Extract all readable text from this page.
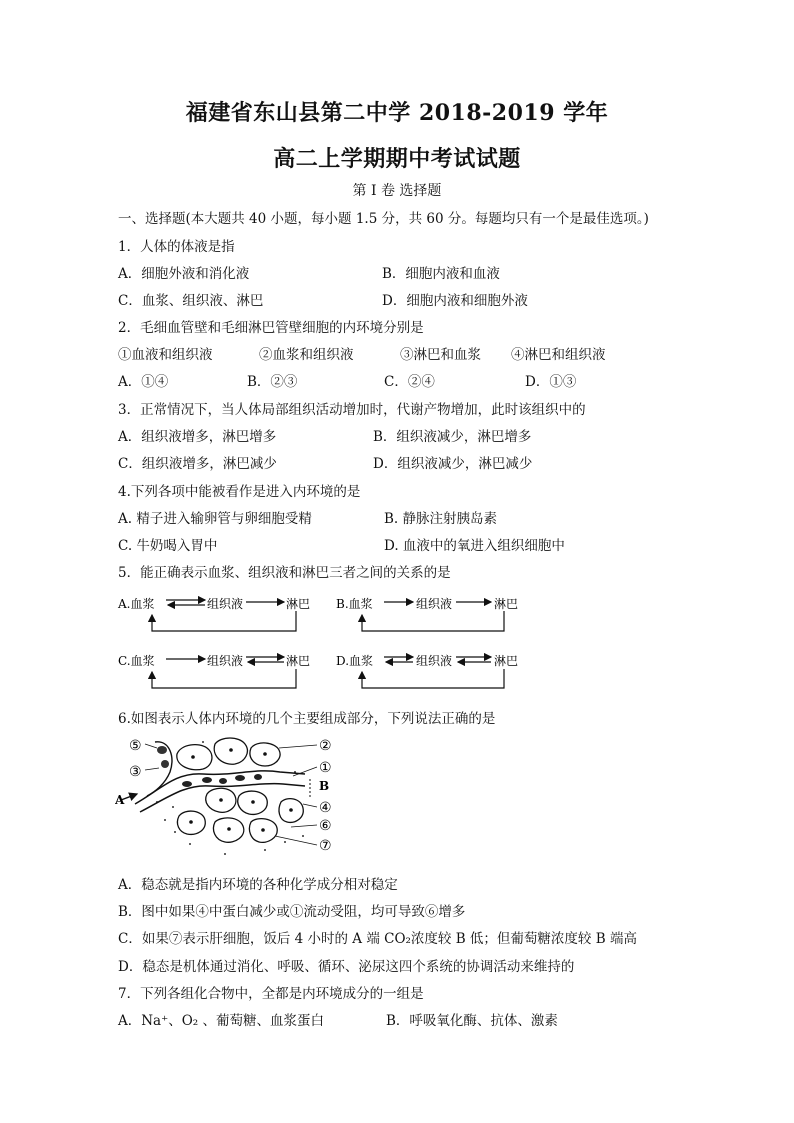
福建省东山县第二中学 2018-2019 学年
高二上学期期中考试试题
第 I 卷 选择题
一、选择题(本大题共 40 小题，每小题 1.5 分，共 60 分。每题均只有一个是最佳选项。)
1．人体的体液是指
A．细胞外液和消化液	B．细胞内液和血液
C．血浆、组织液、淋巴	D．细胞内液和细胞外液
2．毛细血管壁和毛细淋巴管壁细胞的内环境分别是
①血液和组织液	②血浆和组织液	③淋巴和血浆 ④淋巴和组织液
A．①④	B．②③	C．②④	D．①③
3．正常情况下，当人体局部组织活动增加时，代谢产物增加，此时该组织中的
A．组织液增多，淋巴增多	B．组织液减少，淋巴增多
C．组织液增多，淋巴减少	D．组织液减少，淋巴减少
4.下列各项中能被看作是进入内环境的是
A. 精子进入输卵管与卵细胞受精	B. 静脉注射胰岛素
C. 牛奶喝入胃中	D. 血液中的氧进入组织细胞中
5．能正确表示血浆、组织液和淋巴三者之间的关系的是
A.血浆	组织液	淋巴 B.血浆	组织液	淋巴
C.血浆	组织液	淋巴 D.血浆	组织液	淋巴
6.如图表示人体内环境的几个主要组成部分，下列说法正确的是
A
B
⑤
③
②
①
④
⑥
⑦
A．稳态就是指内环境的各种化学成分相对稳定
B．图中如果④中蛋白减少或①流动受阻，均可导致⑥增多
C．如果⑦表示肝细胞，饭后 4 小时的 A 端 CO₂浓度较 B 低；但葡萄糖浓度较 B 端高
D．稳态是机体通过消化、呼吸、循环、泌尿这四个系统的协调活动来维持的
7．下列各组化合物中，全都是内环境成分的一组是
A．Na⁺、O₂ 、葡萄糖、血浆蛋白	B．呼吸氧化酶、抗体、激素
